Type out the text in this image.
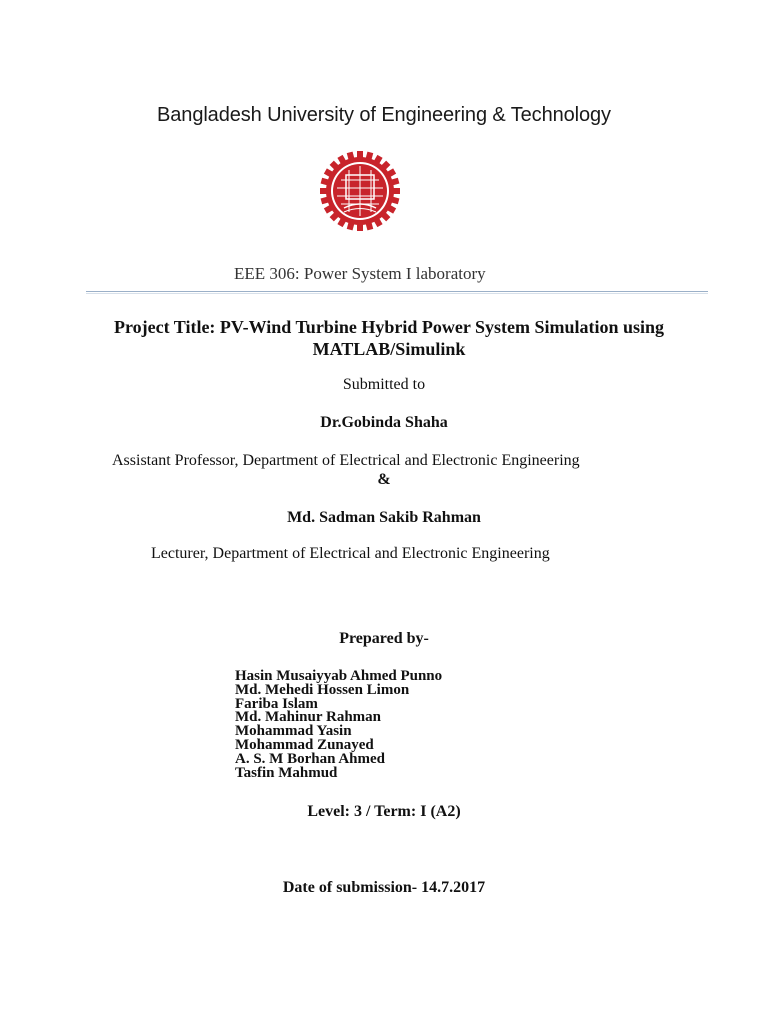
Bangladesh University of Engineering & Technology
EEE 306: Power System I laboratory
Project Title: PV-Wind Turbine Hybrid Power System Simulation using
MATLAB/Simulink
Submitted to
Dr.Gobinda Shaha
Assistant Professor, Department of Electrical and Electronic Engineering
&
Md. Sadman Sakib Rahman
Lecturer, Department of Electrical and Electronic Engineering
Prepared by-
Hasin Musaiyyab Ahmed Punno
Md. Mehedi Hossen Limon
Fariba Islam
Md. Mahinur Rahman
Mohammad Yasin
Mohammad Zunayed
A. S. M Borhan Ahmed
Tasfin Mahmud
Level: 3 / Term: I (A2)
Date of submission- 14.7.2017
